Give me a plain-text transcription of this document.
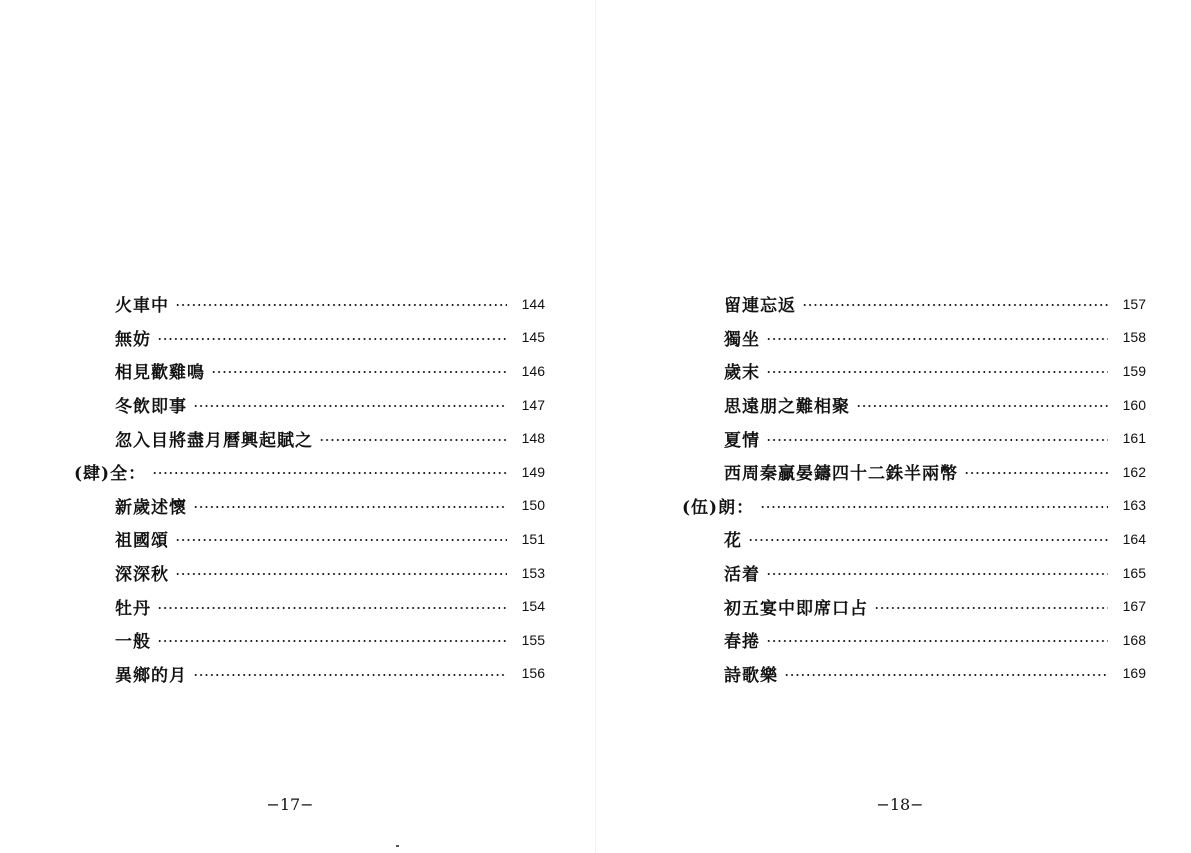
火車中	144
無妨	145
相見歡雞鳴	146
冬飲即事	147
忽入目將盡月曆興起賦之	148
(肆)全：	149
新歲述懷	150
祖國頌	151
深深秋	153
牡丹	154
一般	155
異鄉的月	156
−17−
留連忘返	157
獨坐	158
歲末	159
思遠朋之難相聚	160
夏情	161
西周秦贏晏鑄四十二銖半兩幣	162
(伍)朗：	163
花	164
活着	165
初五宴中即席口占	167
春捲	168
詩歌樂	169
−18−
